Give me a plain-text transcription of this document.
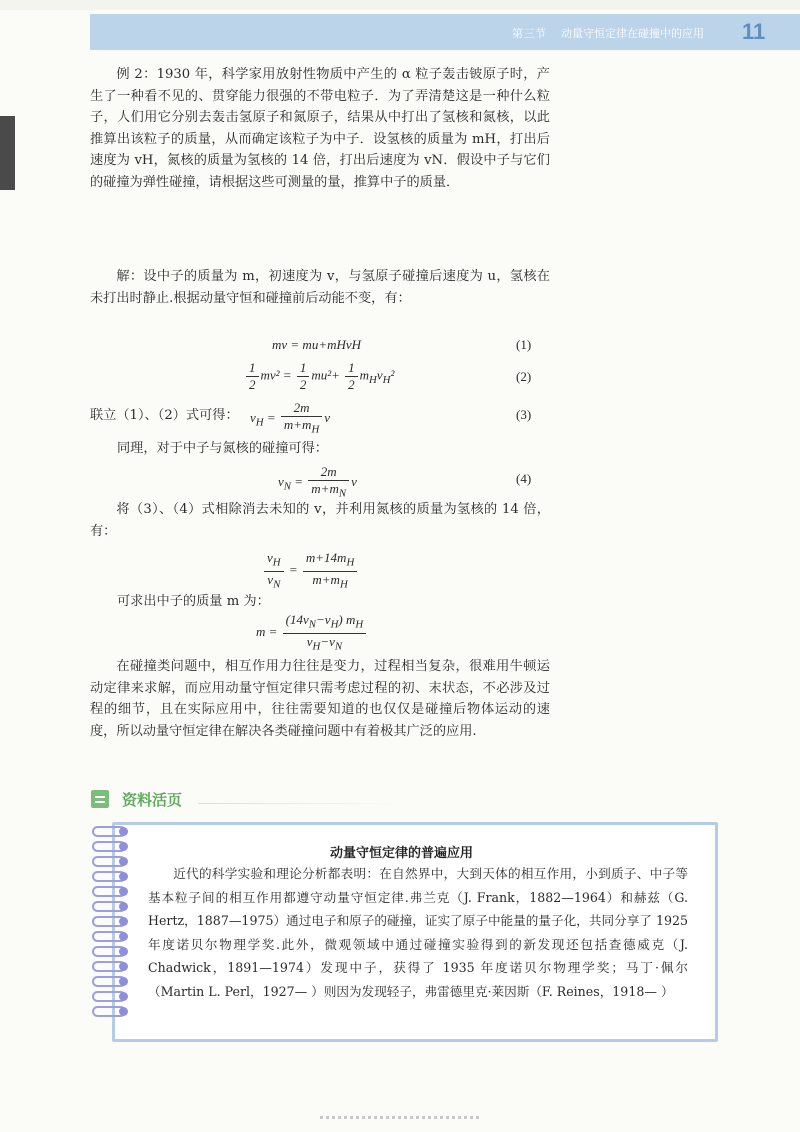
第三节 动量守恒定律在碰撞中的应用 11

例 2：1930 年，科学家用放射性物质中产生的 α 粒子轰击铍原子时，产生了一种看不见的、贯穿能力很强的不带电粒子．为了弄清楚这是一种什么粒子，人们用它分别去轰击氢原子和氮原子，结果从中打出了氢核和氮核，以此推算出该粒子的质量，从而确定该粒子为中子．设氢核的质量为 mH，打出后速度为 vH，氮核的质量为氢核的 14 倍，打出后速度为 vN．假设中子与它们的碰撞为弹性碰撞，请根据这些可测量的量，推算中子的质量．

解：设中子的质量为 m，初速度为 v，与氢原子碰撞后速度为 u，氢核在未打出时静止.根据动量守恒和碰撞前后动能不变，有：

mv = mu+mHvH	(1)
$\frac{1}{2} mv^2 = \frac{1}{2} mu^2+ \frac{1}{2} m_Hv_H^2$	(2)
联立（1）、（2）式可得： $v_H = \frac{2m}{m+m_H}$ v	(3)
同理，对于中子与氮核的碰撞可得：
$v_N = \frac{2m}{m+m_N}$ v	(4)

将（3）、（4）式相除消去未知的 v，并利用氮核的质量为氢核的 14 倍，有：

$\frac{v_H}{v_N} = \frac{m+14m_H}{m+m_H}$
可求出中子的质量 m 为：
$m = \frac{(14v_N-v_H) m_H}{v_H-v_N}$

在碰撞类问题中，相互作用力往往是变力，过程相当复杂，很难用牛顿运动定律来求解，而应用动量守恒定律只需考虑过程的初、末状态，不必涉及过程的细节，且在实际应用中，往往需要知道的也仅仅是碰撞后物体运动的速度，所以动量守恒定律在解决各类碰撞问题中有着极其广泛的应用.

资料活页
动量守恒定律的普遍应用

近代的科学实验和理论分析都表明：在自然界中，大到天体的相互作用，小到质子、中子等基本粒子间的相互作用都遵守动量守恒定律.弗兰克（J. Frank，1882—1964）和赫兹（G. Hertz，1887—1975）通过电子和原子的碰撞，证实了原子中能量的量子化，共同分享了 1925 年度诺贝尔物理学奖.此外，微观领域中通过碰撞实验得到的新发现还包括查德威克（J. Chadwick，1891—1974）发现中子，获得了 1935 年度诺贝尔物理学奖；马丁·佩尔（Martin L. Perl，1927— ）则因为发现轻子，弗雷德里克·莱因斯（F. Reines，1918— ）
